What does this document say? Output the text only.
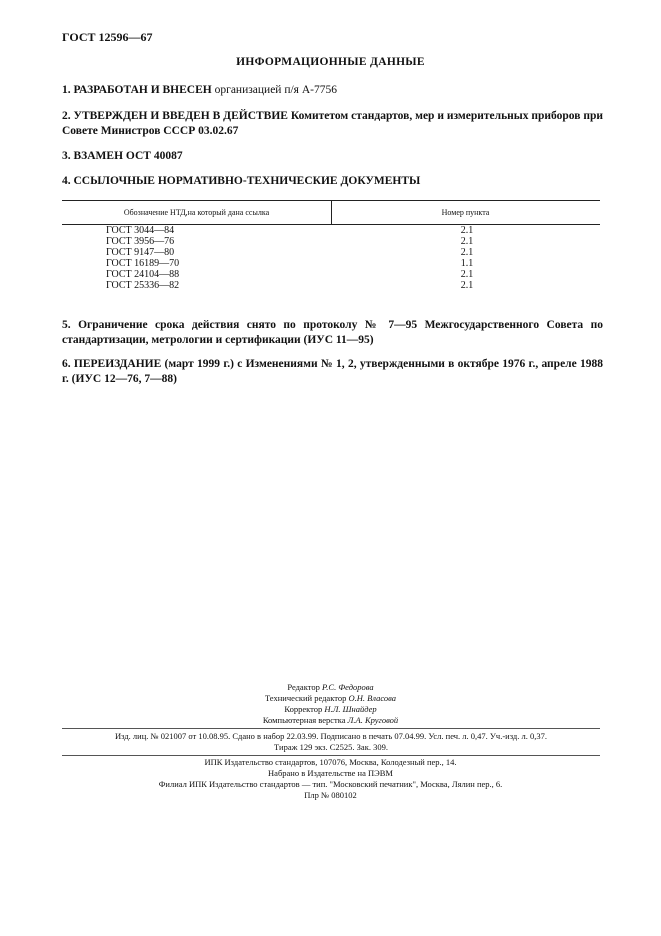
ГОСТ 12596—67
ИНФОРМАЦИОННЫЕ ДАННЫЕ
1. РАЗРАБОТАН И ВНЕСЕН организацией п/я А-7756
2. УТВЕРЖДЕН И ВВЕДЕН В ДЕЙСТВИЕ Комитетом стандартов, мер и измерительных приборов при Совете Министров СССР 03.02.67
3. ВЗАМЕН ОСТ 40087
4. ССЫЛОЧНЫЕ НОРМАТИВНО-ТЕХНИЧЕСКИЕ ДОКУМЕНТЫ
Обозначение НТД,на который дана ссылка	Номер пункта
ГОСТ 3044—84	2.1
ГОСТ 3956—76	2.1
ГОСТ 9147—80	2.1
ГОСТ 16189—70	1.1
ГОСТ 24104—88	2.1
ГОСТ 25336—82	2.1
5. Ограничение срока действия снято по протоколу № 7—95 Межгосударственного Совета по стандартизации, метрологии и сертификации (ИУС 11—95)
6. ПЕРЕИЗДАНИЕ (март 1999 г.) с Изменениями № 1, 2, утвержденными в октябре 1976 г., апреле 1988 г. (ИУС 12—76, 7—88)
Редактор Р.С. Федорова
Технический редактор О.Н. Власова
Корректор Н.Л. Шнайдер
Компьютерная верстка Л.А. Круговой
Изд. лиц. № 021007 от 10.08.95. Сдано в набор 22.03.99. Подписано в печать 07.04.99. Усл. печ. л. 0,47. Уч.-изд. л. 0,37.
Тираж 129 экз. С2525. Зак. 309.
ИПК Издательство стандартов, 107076, Москва, Колодезный пер., 14.
Набрано в Издательстве на ПЭВМ
Филиал ИПК Издательство стандартов — тип. "Московский печатник", Москва, Лялин пер., 6.
Плр № 080102
